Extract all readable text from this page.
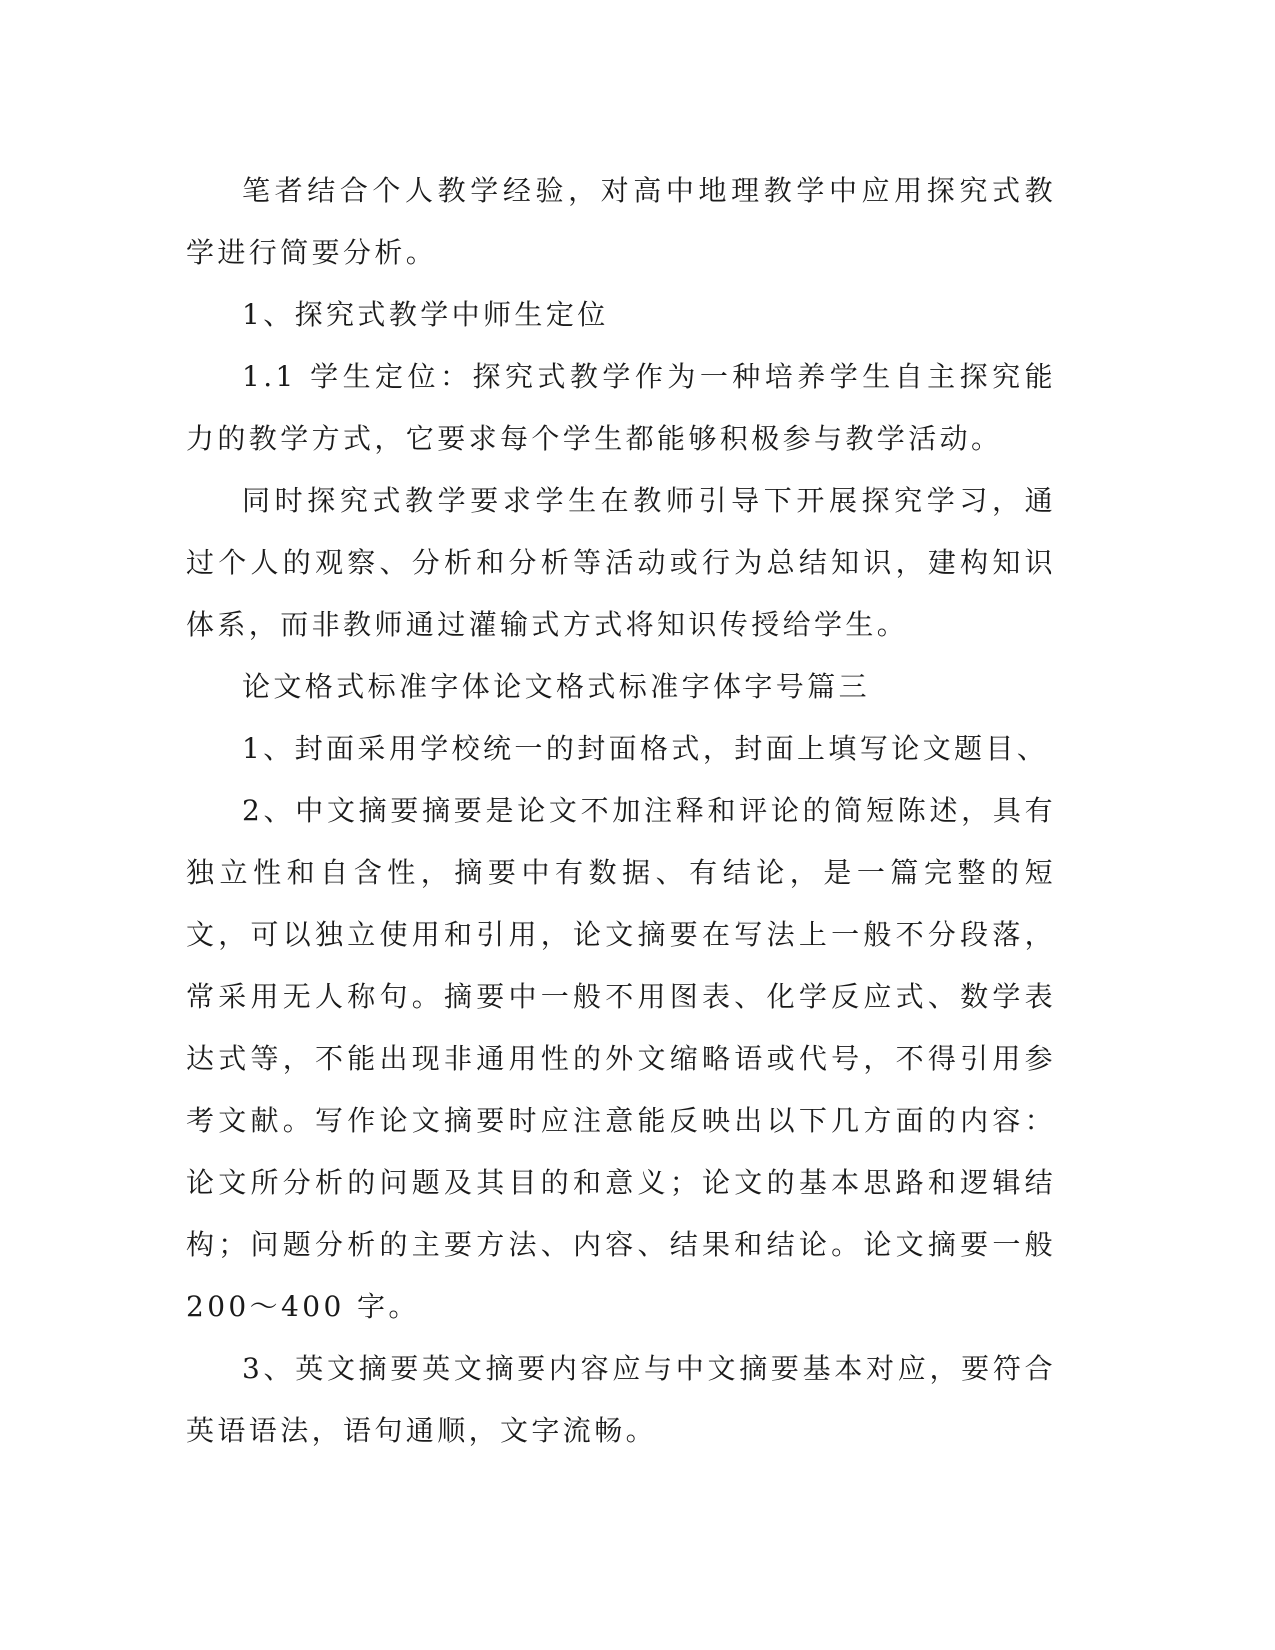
笔者结合个人教学经验，对高中地理教学中应用探究式教学进行简要分析。

1、探究式教学中师生定位

1.1 学生定位：探究式教学作为一种培养学生自主探究能力的教学方式，它要求每个学生都能够积极参与教学活动。

同时探究式教学要求学生在教师引导下开展探究学习，通过个人的观察、分析和分析等活动或行为总结知识，建构知识体系，而非教师通过灌输式方式将知识传授给学生。

论文格式标准字体论文格式标准字体字号篇三

1、封面采用学校统一的封面格式，封面上填写论文题目、

2、中文摘要摘要是论文不加注释和评论的简短陈述，具有独立性和自含性，摘要中有数据、有结论，是一篇完整的短文，可以独立使用和引用，论文摘要在写法上一般不分段落，常采用无人称句。摘要中一般不用图表、化学反应式、数学表达式等，不能出现非通用性的外文缩略语或代号，不得引用参考文献。写作论文摘要时应注意能反映出以下几方面的内容：论文所分析的问题及其目的和意义；论文的基本思路和逻辑结构；问题分析的主要方法、内容、结果和结论。论文摘要一般 200～400 字。

3、英文摘要英文摘要内容应与中文摘要基本对应，要符合英语语法，语句通顺，文字流畅。
